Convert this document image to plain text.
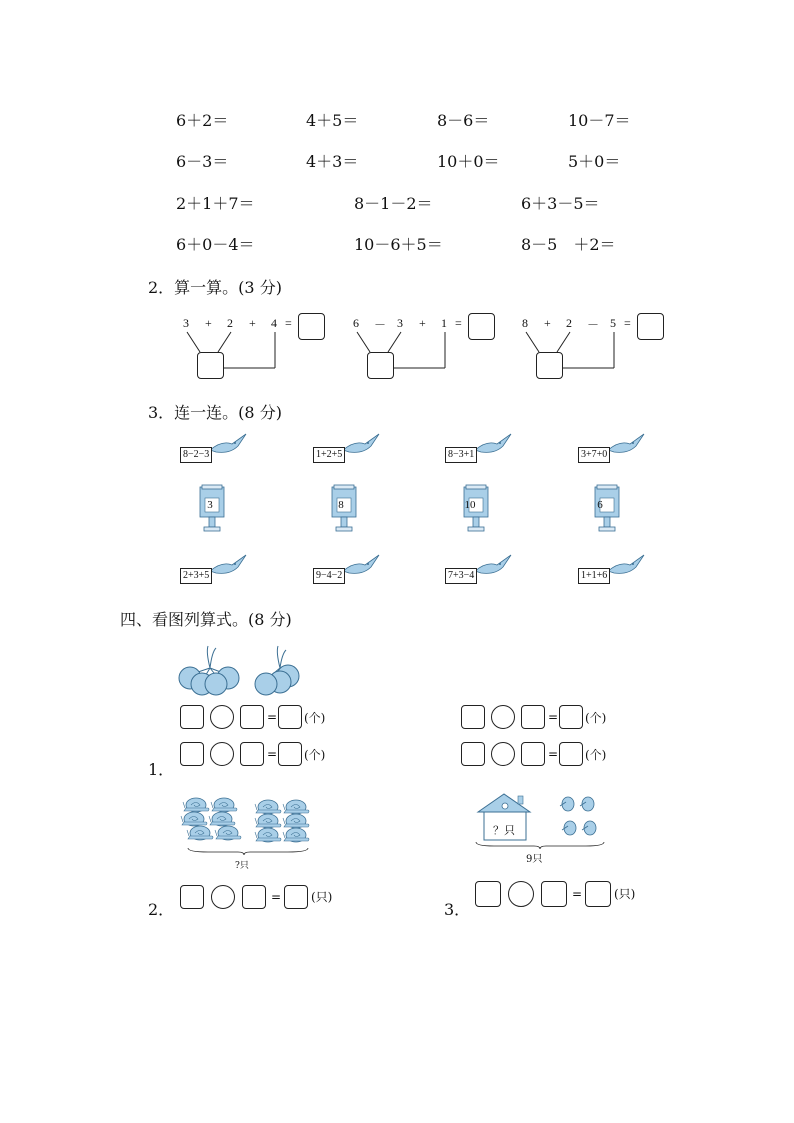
6＋2＝	4＋5＝	8－6＝	10－7＝
6－3＝	4＋3＝	10＋0＝	5＋0＝
2＋1＋7＝	8－1－2＝	6＋3－5＝
6＋0－4＝	10－6＋5＝	8－5　＋2＝
2．算一算。(3 分)
3 + 2 + 4 =	6 － 3 + 1 =	8 + 2 － 5 =
3．连一连。(8 分)
8−2−3	1+2+5	8−3+1	3+7+0
3	8	10	6
2+3+5	9−4−2	7+3−4	1+1+6
四、看图列算式。(8 分)
= (个)
= (个)
1．
= (个)
= (个)
?只
？只
9只
2．
= (只)
3．
=	(只)
